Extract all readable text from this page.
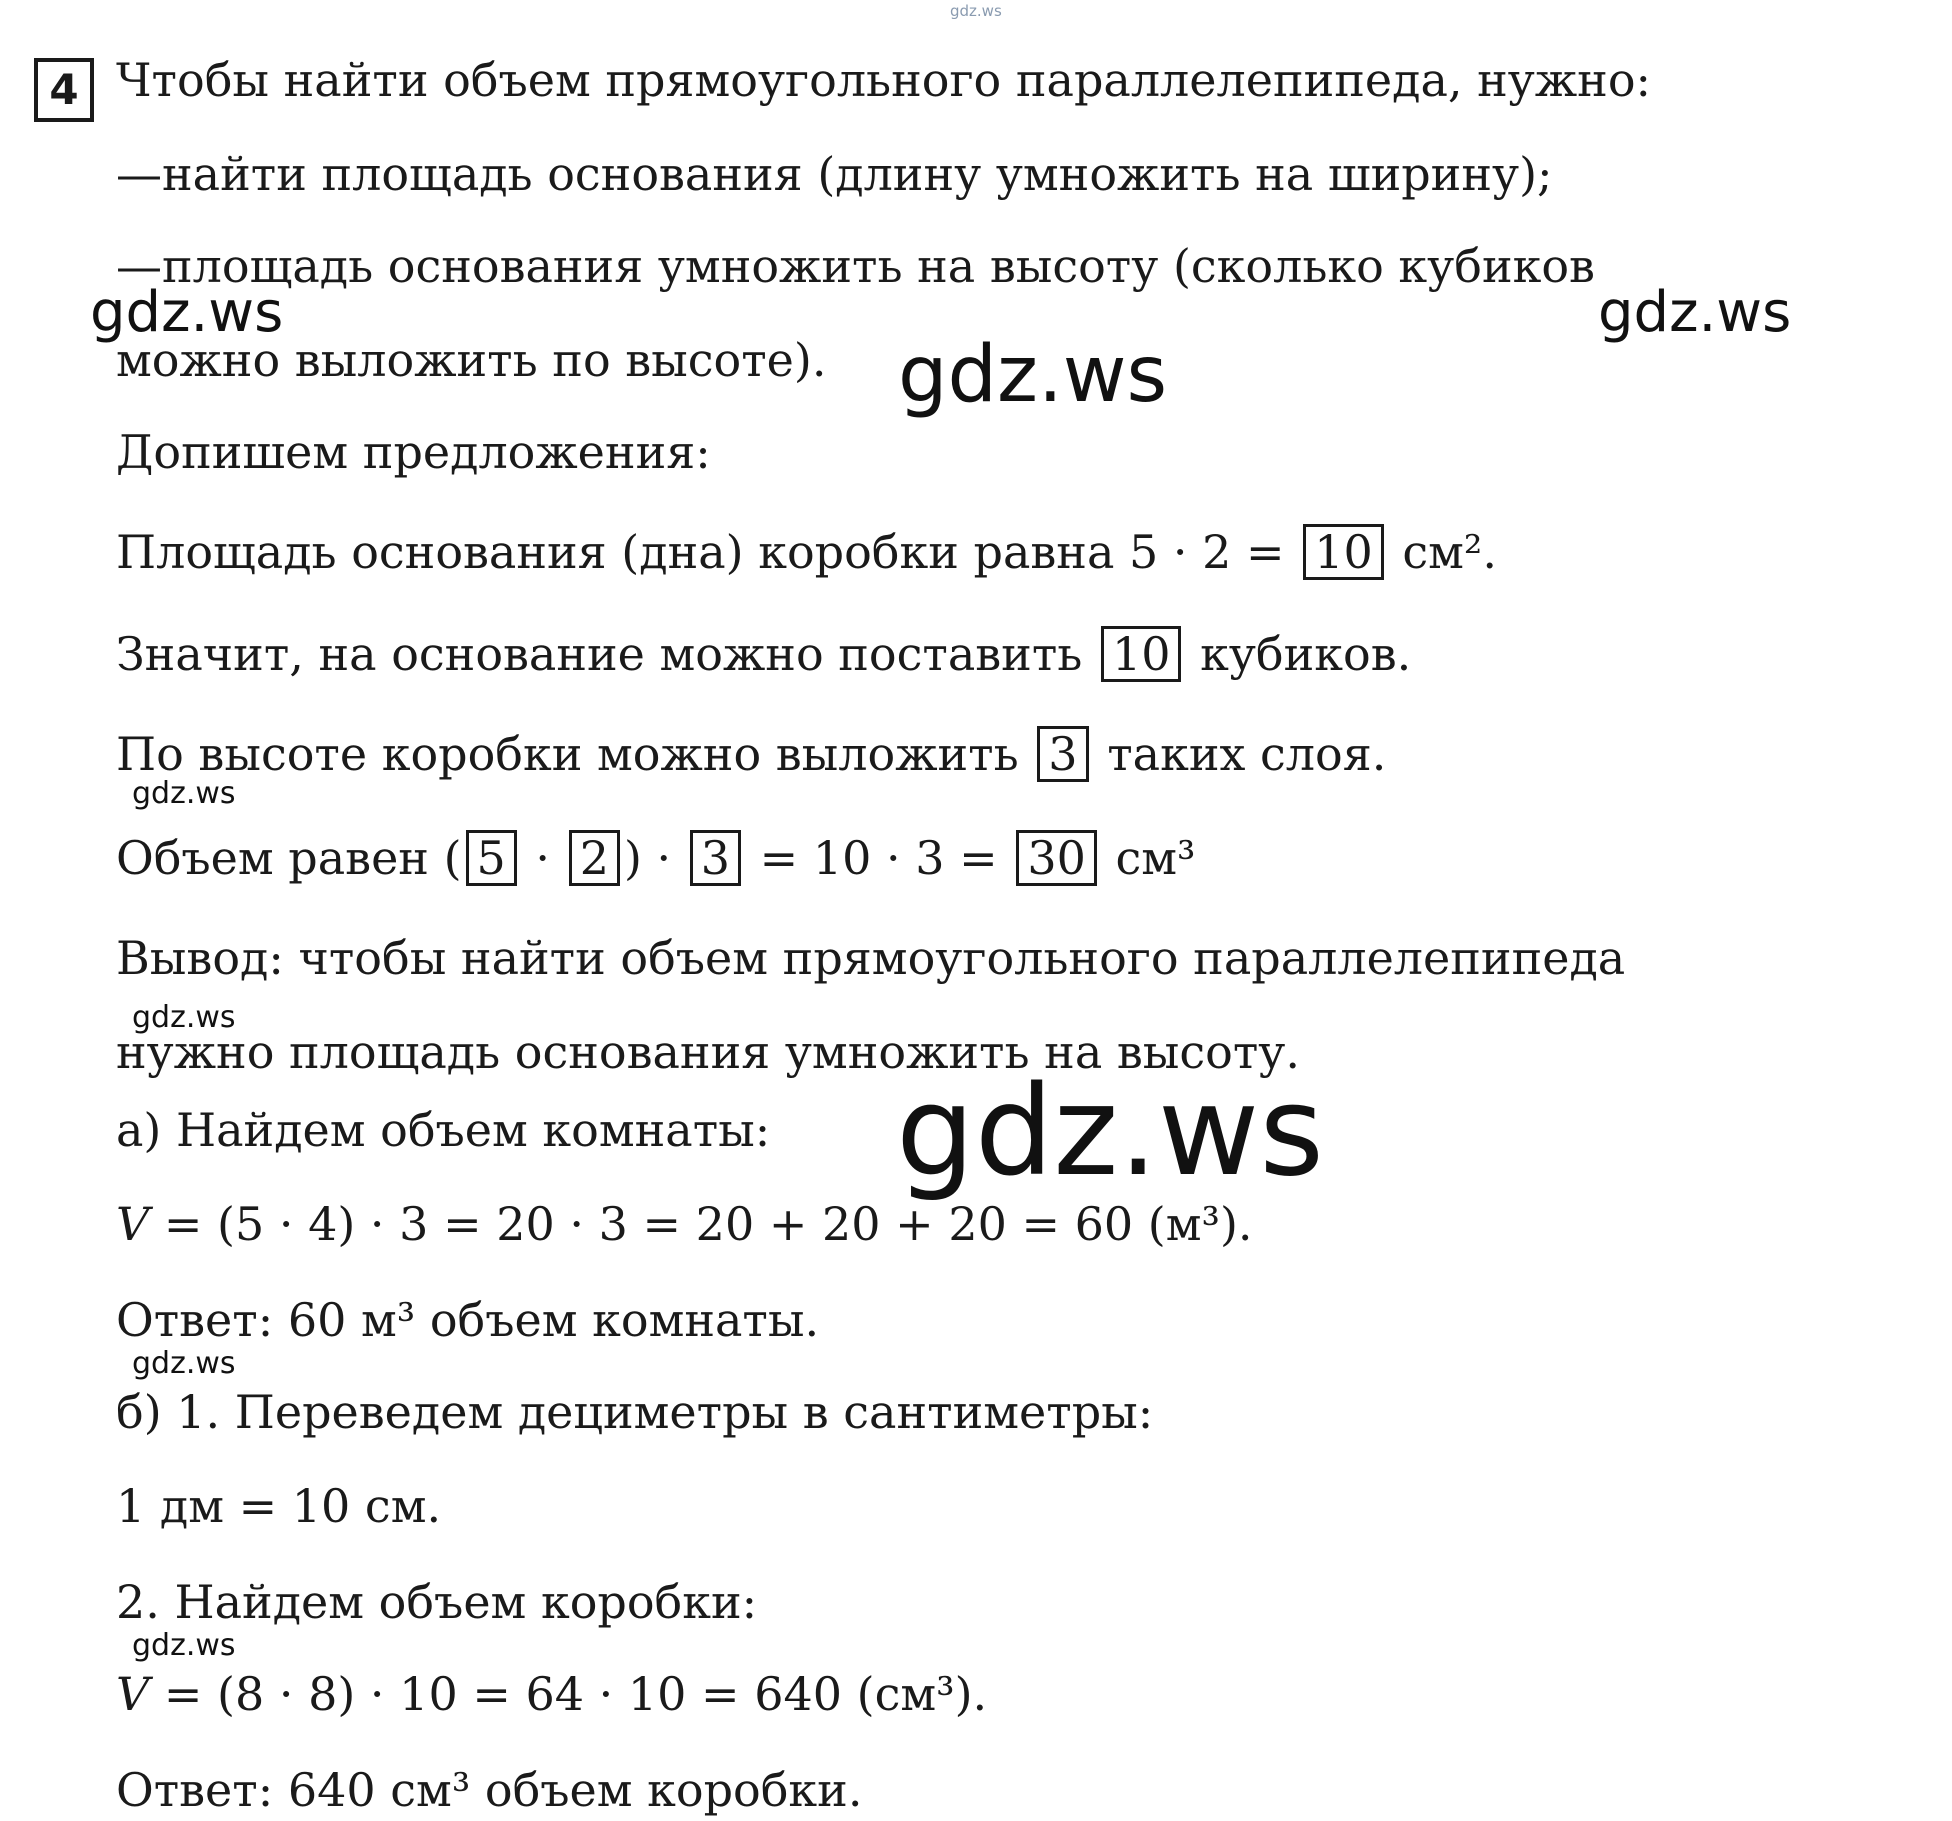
gdz.ws
4 Чтобы найти объем прямоугольного параллелепипеда, нужно:
—найти площадь основания (длину умножить на ширину);
—площадь основания умножить на высоту (сколько кубиков
можно выложить по высоте).
Допишем предложения:
Площадь основания (дна) коробки равна 5 · 2 = 10 см².
Значит, на основание можно поставить 10 кубиков.
По высоте коробки можно выложить 3 таких слоя.
Объем равен ( 5 · 2 ) · 3 = 10 · 3 = 30 см³
Вывод: чтобы найти объем прямоугольного параллелепипеда
нужно площадь основания умножить на высоту.
а) Найдем объем комнаты:
V = (5 · 4) · 3 = 20 · 3 = 20 + 20 + 20 = 60 (м³).
Ответ: 60 м³ объем комнаты.
б) 1. Переведем дециметры в сантиметры:
1 дм = 10 см.
2. Найдем объем коробки:
V = (8 · 8) · 10 = 64 · 10 = 640 (см³).
Ответ: 640 см³ объем коробки.
gdz.ws	gdz.ws
gdz.ws
gdz.ws
gdz.ws
gdz.ws
gdz.ws
gdz.ws
